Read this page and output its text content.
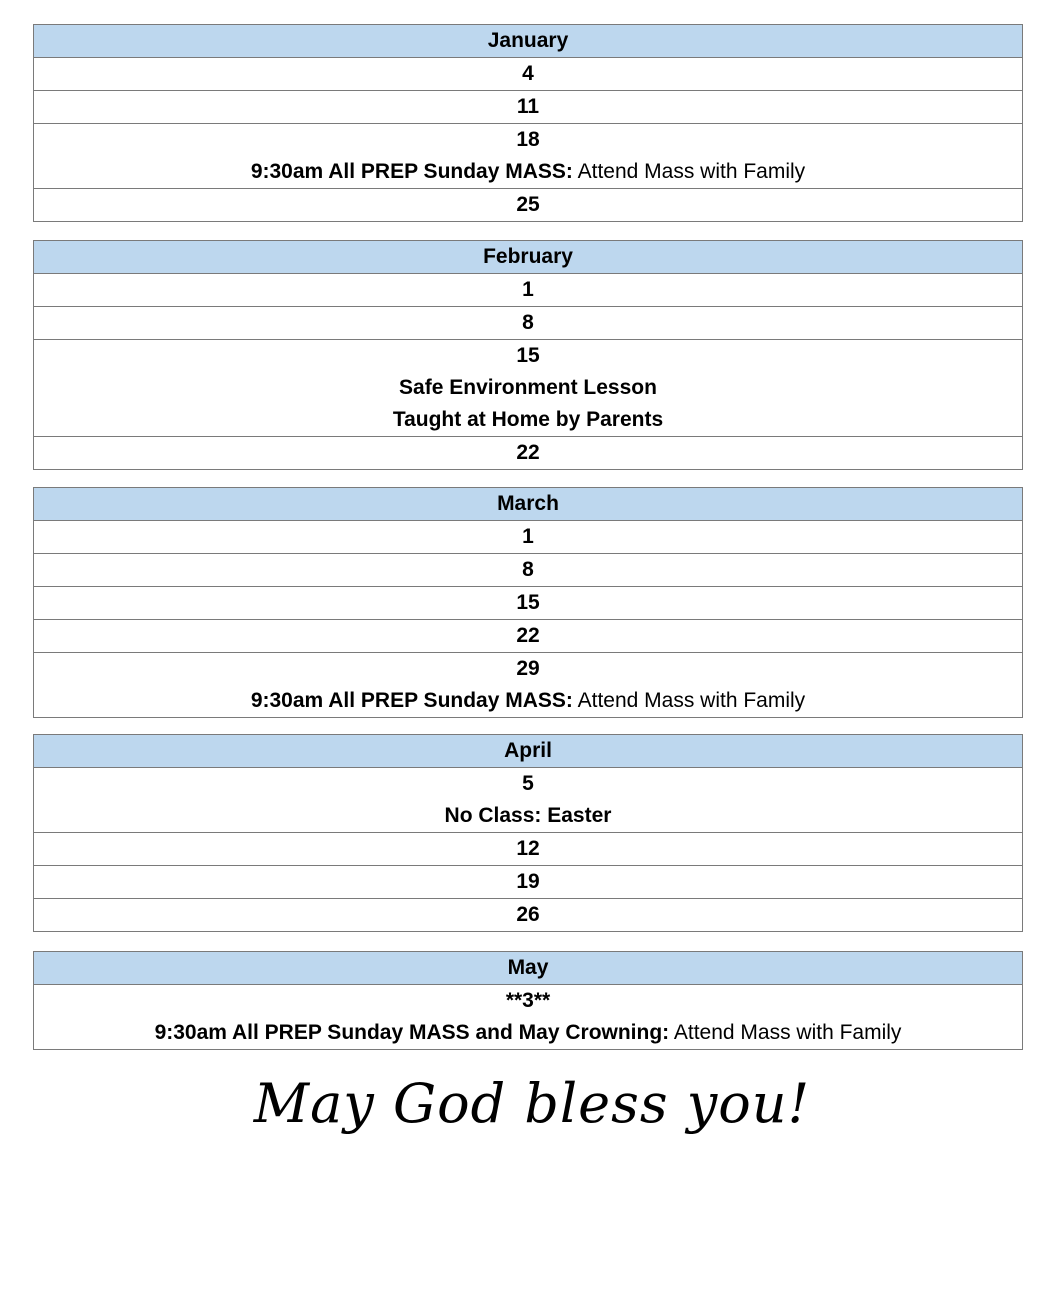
January
4
11
18
9:30am All PREP Sunday MASS: Attend Mass with Family
25
February
1
8
15
Safe Environment Lesson
Taught at Home by Parents
22
March
1
8
15
22
29
9:30am All PREP Sunday MASS: Attend Mass with Family
April
5
No Class: Easter
12
19
26
May
**3**
9:30am All PREP Sunday MASS and May Crowning: Attend Mass with Family
May God bless you!
